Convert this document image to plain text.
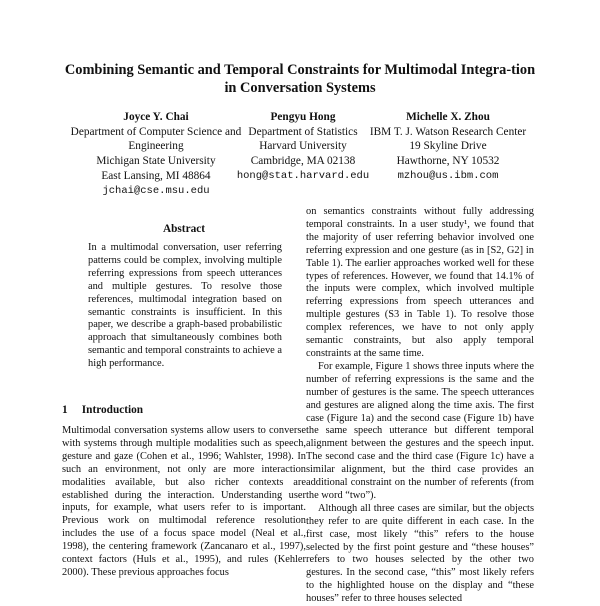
Combining Semantic and Temporal Constraints for Multimodal Integra-tion in Conversation Systems
Joyce Y. Chai
Department of Computer Science and Engineering
Michigan State University
East Lansing, MI 48864
jchai@cse.msu.edu
Pengyu Hong
Department of Statistics
Harvard University
Cambridge, MA 02138
hong@stat.harvard.edu
Michelle X. Zhou
IBM T. J. Watson Research Center
19 Skyline Drive
Hawthorne, NY 10532
mzhou@us.ibm.com
Abstract

In a multimodal conversation, user referring patterns could be complex, involving multiple referring expressions from speech utterances and multiple gestures. To resolve those references, multimodal integration based on semantic constraints is insufficient. In this paper, we describe a graph-based probabilistic approach that simultaneously combines both semantic and temporal constraints to achieve a high performance.

1     Introduction

Multimodal conversation systems allow users to converse with systems through multiple modalities such as speech, gesture and gaze (Cohen et al., 1996; Wahlster, 1998). In such an environment, not only are more interaction modalities available, but also richer contexts are established during the interaction. Understanding user inputs, for example, what users refer to is important. Previous work on multimodal reference resolution includes the use of a focus space model (Neal et al., 1998), the centering framework (Zancanaro et al., 1997), context factors (Huls et al., 1995), and rules (Kehler 2000). These previous approaches focus

on semantics constraints without fully addressing temporal constraints. In a user study¹, we found that the majority of user referring behavior involved one referring expression and one gesture (as in [S2, G2] in Table 1). The earlier approaches worked well for these types of references. However, we found that 14.1% of the inputs were complex, which involved multiple referring expressions from speech utterances and multiple gestures (S3 in Table 1). To resolve those complex references, we have to not only apply semantic constraints, but also apply temporal constraints at the same time.

For example, Figure 1 shows three inputs where the number of referring expressions is the same and the number of gestures is the same. The speech utterances and gestures are aligned along the time axis. The first case (Figure 1a) and the second case (Figure 1b) have the same speech utterance but different temporal alignment between the gestures and the speech input. The second case and the third case (Figure 1c) have a similar alignment, but the third case provides an additional constraint on the number of referents (from the word “two”).

Although all three cases are similar, but the objects they refer to are quite different in each case. In the first case, most likely “this” refers to the house selected by the first point gesture and “these houses” refers to two houses selected by the other two gestures. In the second case, “this” most likely refers to the highlighted house on the display and “these houses” refer to three houses selected
